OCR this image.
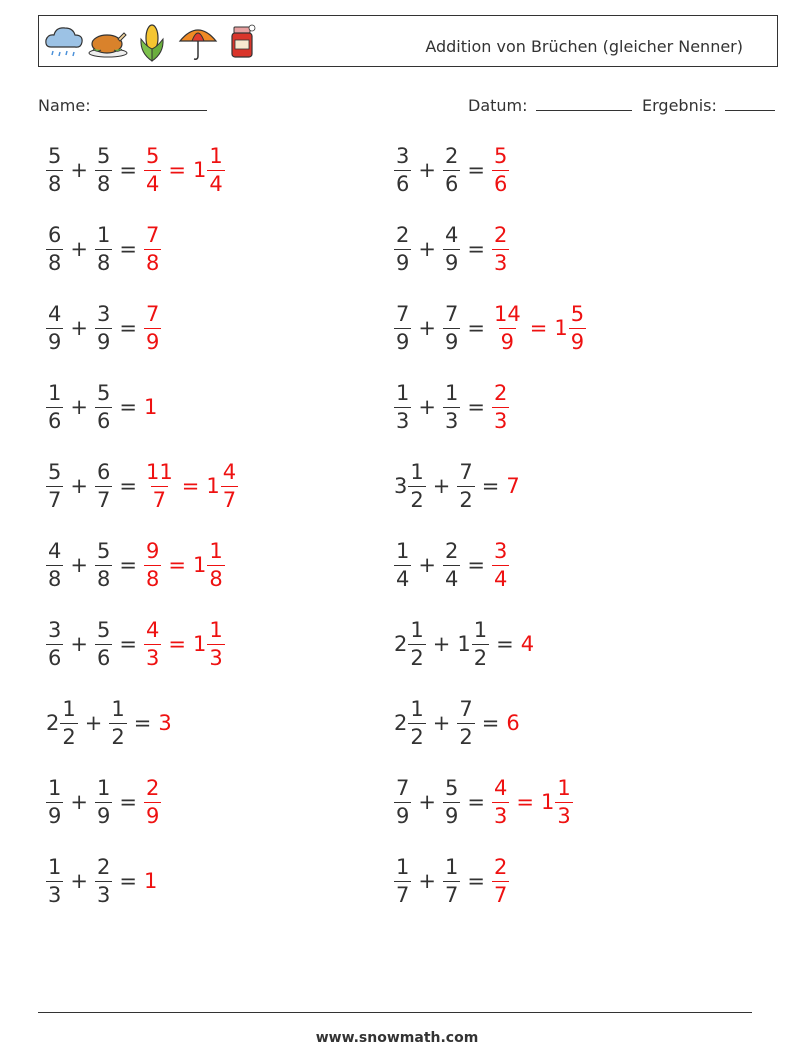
Addition von Brüchen (gleicher Nenner)
Name:	Datum:	Ergebnis:
$\frac{5}{8} + \frac{5}{8} = \frac{5}{4} = 1 \frac{1}{4}$	$\frac{3}{6} + \frac{2}{6} = \frac{5}{6}$
$\frac{6}{8} + \frac{1}{8} = \frac{7}{8}$	$\frac{2}{9} + \frac{4}{9} = \frac{2}{3}$
$\frac{4}{9} + \frac{3}{9} = \frac{7}{9}$	$\frac{7}{9} + \frac{7}{9} = \frac{14}{9} = 1 \frac{5}{9}$
$\frac{1}{6} + \frac{5}{6} = 1$	$\frac{1}{3} + \frac{1}{3} = \frac{2}{3}$
$\frac{5}{7} + \frac{6}{7} = \frac{11}{7} = 1 \frac{4}{7}$	$3 \frac{1}{2} + \frac{7}{2} = 7$
$\frac{4}{8} + \frac{5}{8} = \frac{9}{8} = 1 \frac{1}{8}$	$\frac{1}{4} + \frac{2}{4} = \frac{3}{4}$
$\frac{3}{6} + \frac{5}{6} = \frac{4}{3} = 1 \frac{1}{3}$	$2 \frac{1}{2} + 1 \frac{1}{2} = 4$
$2 \frac{1}{2} + \frac{1}{2} = 3$	$2 \frac{1}{2} + \frac{7}{2} = 6$
$\frac{1}{9} + \frac{1}{9} = \frac{2}{9}$	$\frac{7}{9} + \frac{5}{9} = \frac{4}{3} = 1 \frac{1}{3}$
$\frac{1}{3} + \frac{2}{3} = 1$	$\frac{1}{7} + \frac{1}{7} = \frac{2}{7}$
www.snowmath.com
